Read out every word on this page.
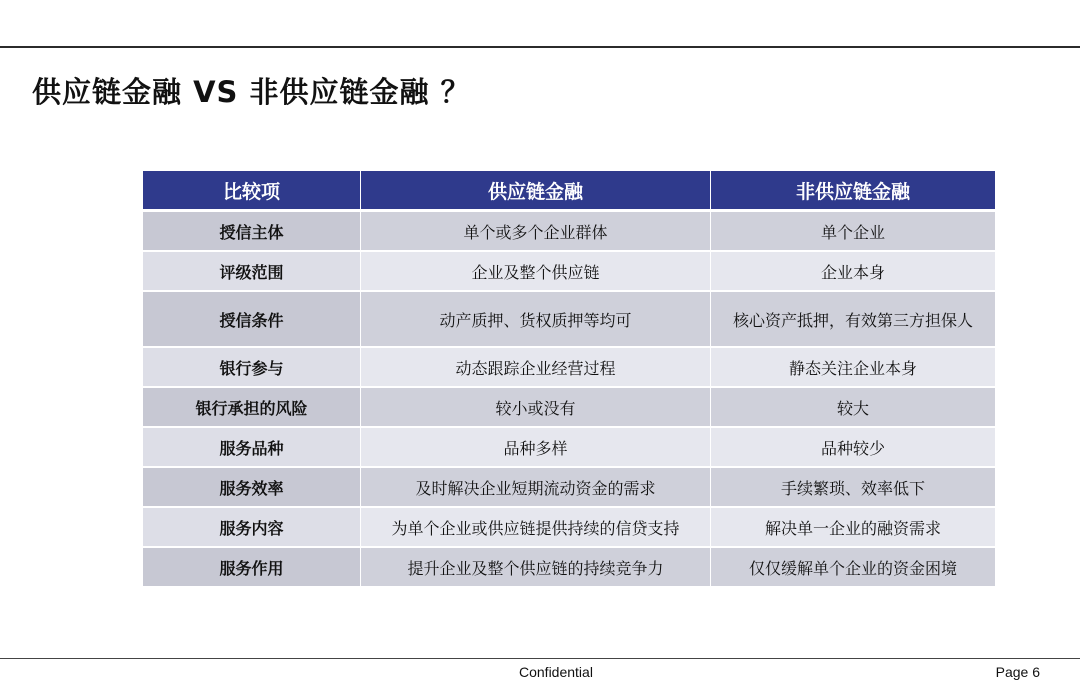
供应链金融 VS 非供应链金融 ？
比较项	供应链金融	非供应链金融
授信主体	单个或多个企业群体	单个企业
评级范围	企业及整个供应链	企业本身
授信条件	动产质押、货权质押等均可	核心资产抵押，有效第三方担保人
银行参与	动态跟踪企业经营过程	静态关注企业本身
银行承担的风险	较小或没有	较大
服务品种	品种多样	品种较少
服务效率	及时解决企业短期流动资金的需求	手续繁琐、效率低下
服务内容	为单个企业或供应链提供持续的信贷支持	解决单一企业的融资需求
服务作用	提升企业及整个供应链的持续竞争力	仅仅缓解单个企业的资金困境
Confidential	Page 6
